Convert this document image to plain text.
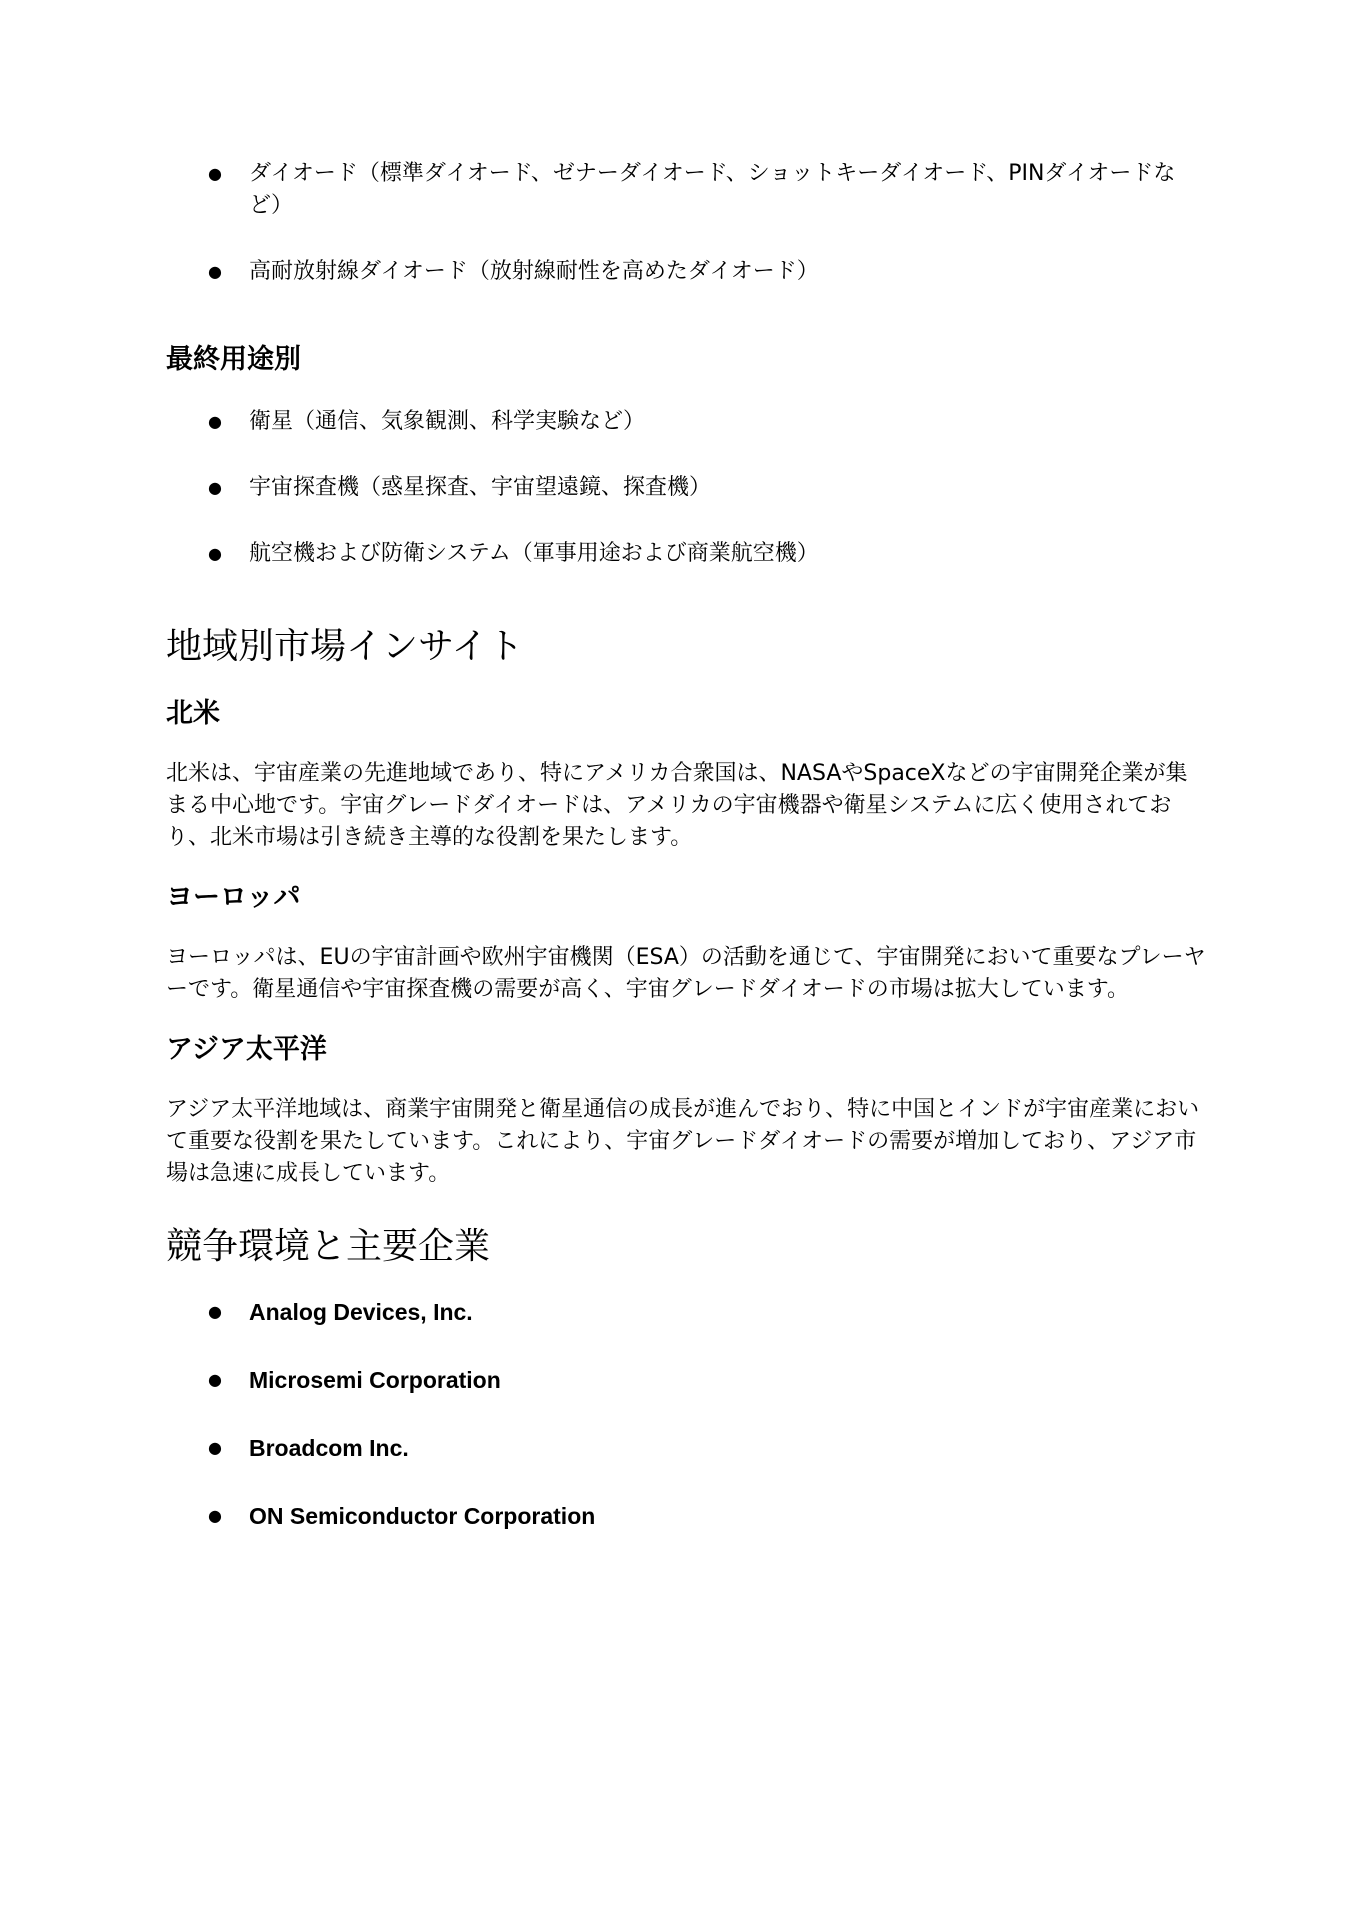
● ダイオード（標準ダイオード、ゼナーダイオード、ショットキーダイオード、PINダイオードなど）
● 高耐放射線ダイオード（放射線耐性を高めたダイオード）
最終用途別
● 衛星（通信、気象観測、科学実験など）
● 宇宙探査機（惑星探査、宇宙望遠鏡、探査機）
● 航空機および防衛システム（軍事用途および商業航空機）
地域別市場インサイト
北米

北米は、宇宙産業の先進地域であり、特にアメリカ合衆国は、NASAやSpaceXなどの宇宙開発企業が集まる中心地です。宇宙グレードダイオードは、アメリカの宇宙機器や衛星システムに広く使用されており、北米市場は引き続き主導的な役割を果たします。

ヨーロッパ

ヨーロッパは、EUの宇宙計画や欧州宇宙機関（ESA）の活動を通じて、宇宙開発において重要なプレーヤーです。衛星通信や宇宙探査機の需要が高く、宇宙グレードダイオードの市場は拡大しています。

アジア太平洋

アジア太平洋地域は、商業宇宙開発と衛星通信の成長が進んでおり、特に中国とインドが宇宙産業において重要な役割を果たしています。これにより、宇宙グレードダイオードの需要が増加しており、アジア市場は急速に成長しています。

競争環境と主要企業
● Analog Devices, Inc.
● Microsemi Corporation
● Broadcom Inc.
● ON Semiconductor Corporation
